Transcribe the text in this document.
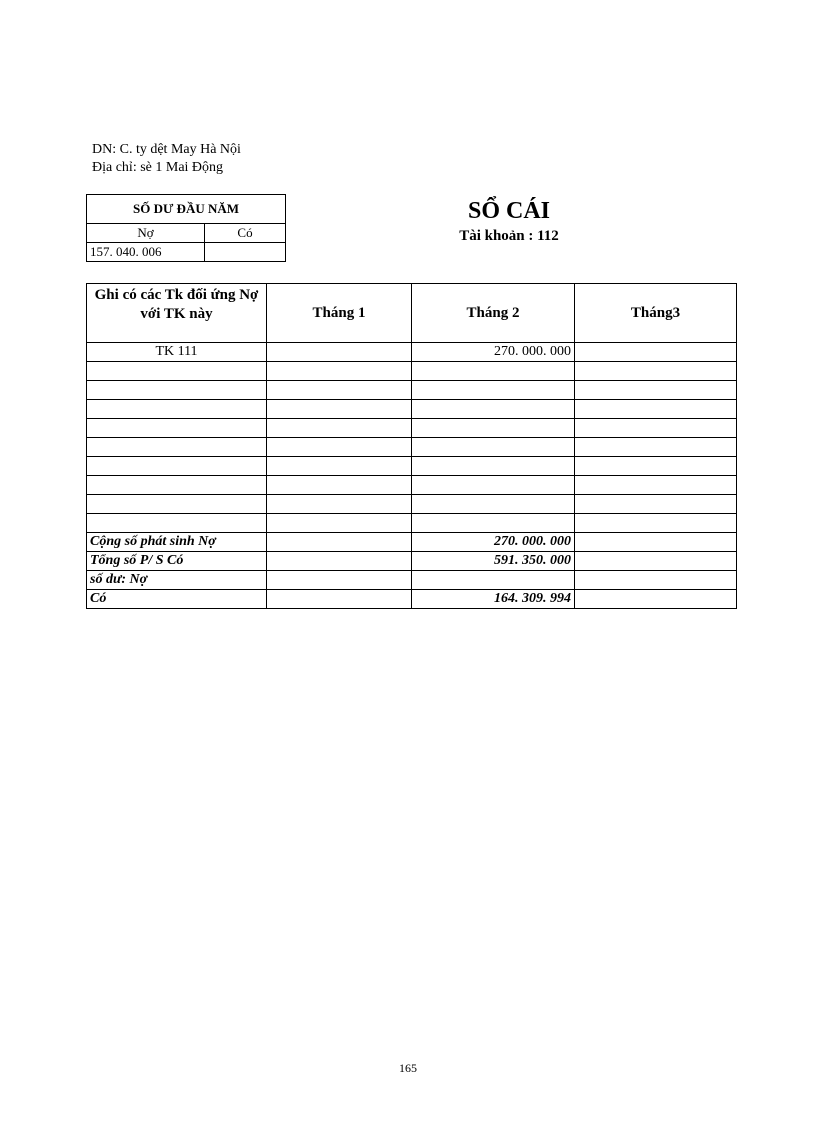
DN: C. ty dệt May Hà Nội
Địa chỉ: sè 1 Mai Động
SỐ DƯ ĐẦU NĂM	
Nợ	Có
157. 040. 006	
SỔ CÁI
Tài khoản : 112
Ghi có các Tk đối ứng Nợ với TK này	Tháng 1	Tháng 2	Tháng3
TK 111		270. 000. 000	

Cộng số phát sinh Nợ		270. 000. 000	
Tổng số P/ S Có		591. 350. 000	
số dư: Nợ			
Có		164. 309. 994	
165
